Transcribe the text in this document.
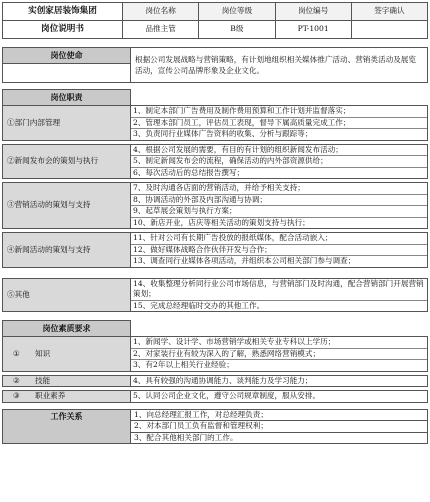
实创家居装饰集团	岗位名称	岗位等级	岗位编号	签字确认
岗位说明书	品推主管	B级	PT-1001	
岗位使命	根据公司发展战略与营销策略，有计划地组织相关媒体推广活动、营销类活动及展览活动，宣传公司品牌形象及企业文化。

岗位职责	
①部门内部管理	1、制定本部门广告费用及制作费用预算和工作计划并监督落实；
2、管理本部门员工，评估员工表现，督导下属高质量完成工作；
3、负责同行业媒体广告资料的收集、分析与跟踪等；

②新闻发布会的策划与执行	4、根据公司发展的需要，有目的有计划的组织新闻发布活动；
5、制定新闻发布会的流程，确保活动的内外部资源供给；
6、每次活动后的总结报告撰写；

③营销活动的策划与支持	7、及时沟通各店面的营销活动，并给予相关支持；
8、协调活动的外部及内部沟通与协调；
9、起草展会策划与执行方案；
10、新店开业，店庆等相关活动的策划支持与执行；

④新闻活动的策划与支持	11、针对公司有长期广告投放的报纸媒体，配合活动嵌入；
12、做好媒体战略合作伙伴开发与合作；
13、调查同行业媒体各项活动，并组织本公司相关部门参与调查；

⑤其他	14、收集整理分析同行业公司市场信息，与营销部门及时沟通，配合营销部门开展营销策划；
15、完成总经理临时交办的其他工作。
岗位素质要求	
① 知识	1、新闻学、设计学、市场营销学或相关专业专科以上学历；
2、对家装行业有较为深入的了解，熟悉网络营销模式；
3、有2年以上相关行业经验；

② 技能	4、具有较强的沟通协调能力、谈判能力及学习能力；

③ 职业素养	5、认同公司企业文化，遵守公司规章制度，服从安排。
工作关系	1、向总经理汇报工作，对总经理负责；
2、对本部门员工负有监督和管理权利；
3、配合其他相关部门的工作。
